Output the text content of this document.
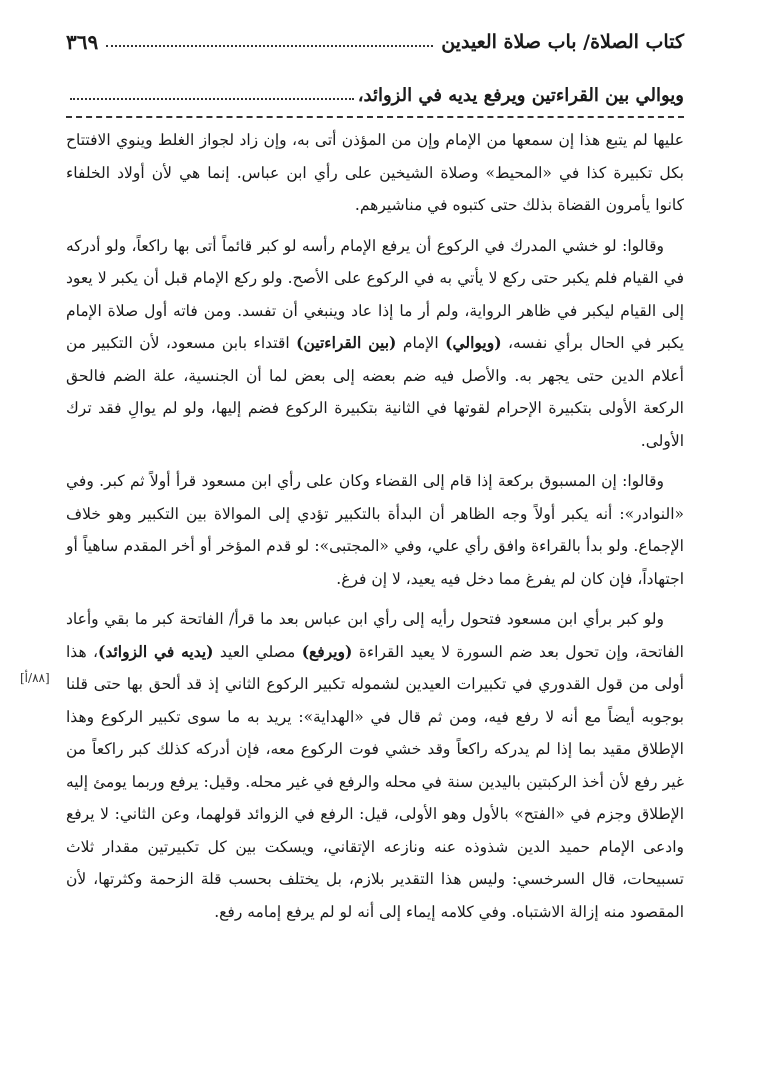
كتاب الصلاة/ باب صلاة العيدين
٣٦٩
ويوالي بين القراءتين ويرفع يديه في الزوائد،
[٨٨/أ]

عليها لم يتبع هذا إن سمعها من الإمام وإن من المؤذن أتى به، وإن زاد لجواز الغلط وينوي الافتتاح بكل تكبيرة كذا في «المحيط» وصلاة الشيخين على رأي ابن عباس. إنما هي لأن أولاد الخلفاء كانوا يأمرون القضاة بذلك حتى كتبوه في مناشيرهم.

وقالوا: لو خشي المدرك في الركوع أن يرفع الإمام رأسه لو كبر قائماً أتى بها راكعاً، ولو أدركه في القيام فلم يكبر حتى ركع لا يأتي به في الركوع على الأصح. ولو ركع الإمام قبل أن يكبر لا يعود إلى القيام ليكبر في ظاهر الرواية، ولم أر ما إذا عاد وينبغي أن تفسد. ومن فاته أول صلاة الإمام يكبر في الحال برأي نفسه، (ويوالي) الإمام (بين القراءتين) اقتداء بابن مسعود، لأن التكبير من أعلام الدين حتى يجهر به. والأصل فيه ضم بعضه إلى بعض لما أن الجنسية، علة الضم فالحق الركعة الأولى بتكبيرة الإحرام لقوتها في الثانية بتكبيرة الركوع فضم إليها، ولو لم يوالِ فقد ترك الأولى.

وقالوا: إن المسبوق بركعة إذا قام إلى القضاء وكان على رأي ابن مسعود قرأ أولاً ثم كبر. وفي «النوادر»: أنه يكبر أولاً وجه الظاهر أن البدأة بالتكبير تؤدي إلى الموالاة بين التكبير وهو خلاف الإجماع. ولو بدأ بالقراءة وافق رأي علي، وفي «المجتبى»: لو قدم المؤخر أو أخر المقدم ساهياً أو اجتهاداً، فإن كان لم يفرغ مما دخل فيه يعيد، لا إن فرغ.

ولو كبر برأي ابن مسعود فتحول رأيه إلى رأي ابن عباس بعد ما قرأ/ الفاتحة كبر ما بقي وأعاد الفاتحة، وإن تحول بعد ضم السورة لا يعيد القراءة (ويرفع) مصلي العيد (يديه في الزوائد)، هذا أولى من قول القدوري في تكبيرات العيدين لشموله تكبير الركوع الثاني إذ قد ألحق بها حتى قلنا بوجوبه أيضاً مع أنه لا رفع فيه، ومن ثم قال في «الهداية»: يريد به ما سوى تكبير الركوع وهذا الإطلاق مقيد بما إذا لم يدركه راكعاً وقد خشي فوت الركوع معه، فإن أدركه كذلك كبر راكعاً من غير رفع لأن أخذ الركبتين باليدين سنة في محله والرفع في غير محله. وقيل: يرفع وربما يومئ إليه الإطلاق وجزم في «الفتح» بالأول وهو الأولى، قيل: الرفع في الزوائد قولهما، وعن الثاني: لا يرفع وادعى الإمام حميد الدين شذوذه عنه ونازعه الإتقاني، ويسكت بين كل تكبيرتين مقدار ثلاث تسبيحات، قال السرخسي: وليس هذا التقدير بلازم، بل يختلف بحسب قلة الزحمة وكثرتها، لأن المقصود منه إزالة الاشتباه. وفي كلامه إيماء إلى أنه لو لم يرفع إمامه رفع.
